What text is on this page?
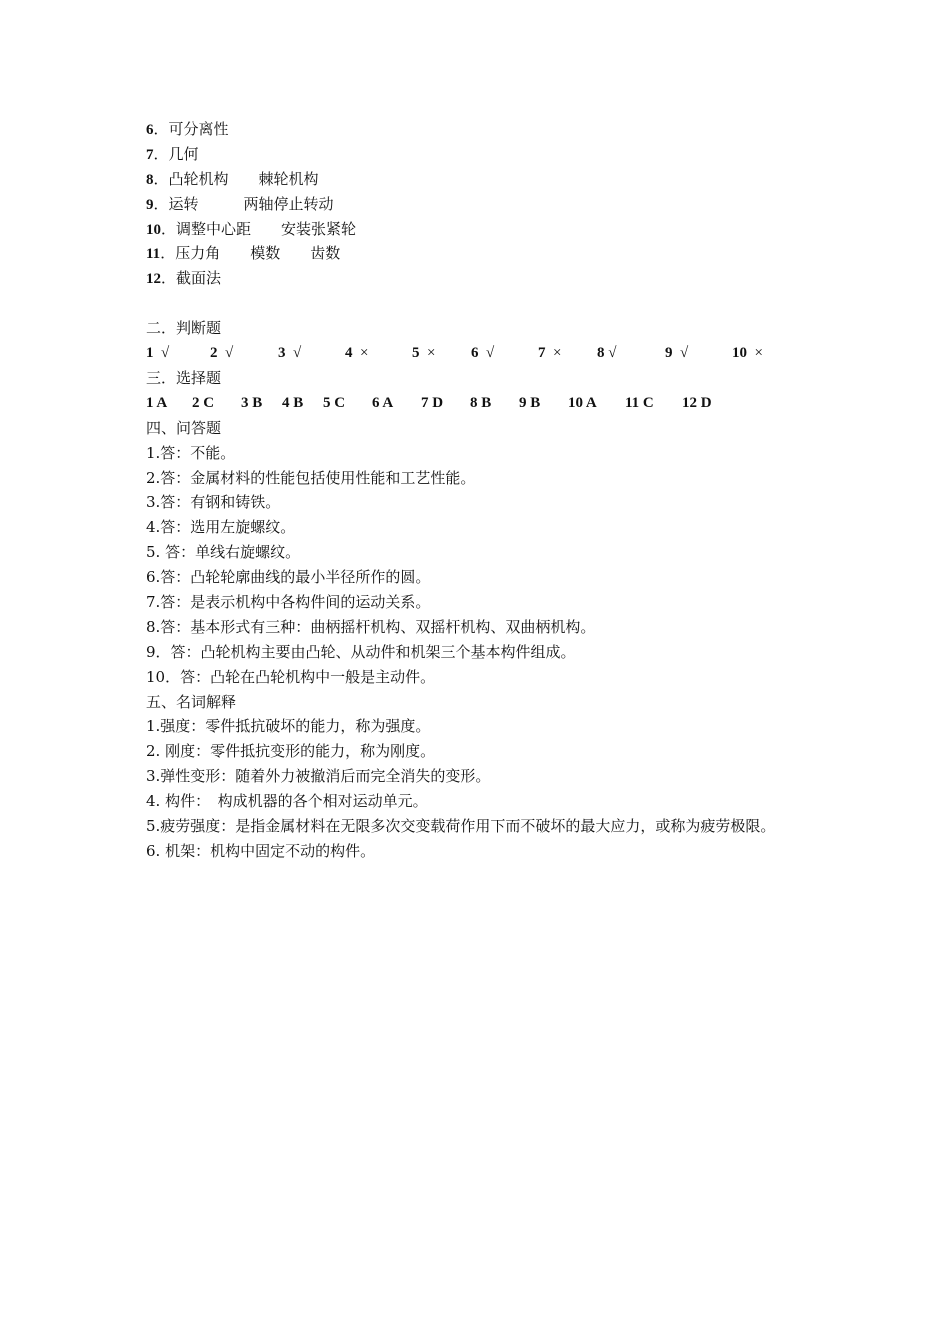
6．可分离性
7．几何
8．凸轮机构　　棘轮机构
9．运转　　　两轴停止转动
10．调整中心距　　安装张紧轮
11．压力角　　模数　　齿数
12．截面法
二．判断题
1 √	2 √	3 √	4 ×	5 × 6 √	7 × 8 √	9 √	10 ×
三．选择题
1 A 2 C 3 B 4 B 5 C 6 A 7 D 8 B 9 B 10 A 11 C 12 D
四、问答题
1.答：不能。
2.答：金属材料的性能包括使用性能和工艺性能。
3.答：有钢和铸铁。
4.答：选用左旋螺纹。
5. 答：单线右旋螺纹。
6.答：凸轮轮廓曲线的最小半径所作的圆。
7.答：是表示机构中各构件间的运动关系。
8.答：基本形式有三种：曲柄摇杆机构、双摇杆机构、双曲柄机构。
9．答：凸轮机构主要由凸轮、从动件和机架三个基本构件组成。
10．答：凸轮在凸轮机构中一般是主动件。
五、名词解释
1.强度：零件抵抗破坏的能力，称为强度。
2. 刚度：零件抵抗变形的能力，称为刚度。
3.弹性变形：随着外力被撤消后而完全消失的变形。
4. 构件：　构成机器的各个相对运动单元。
5.疲劳强度：是指金属材料在无限多次交变载荷作用下而不破坏的最大应力，或称为疲劳极限。
6. 机架：机构中固定不动的构件。
